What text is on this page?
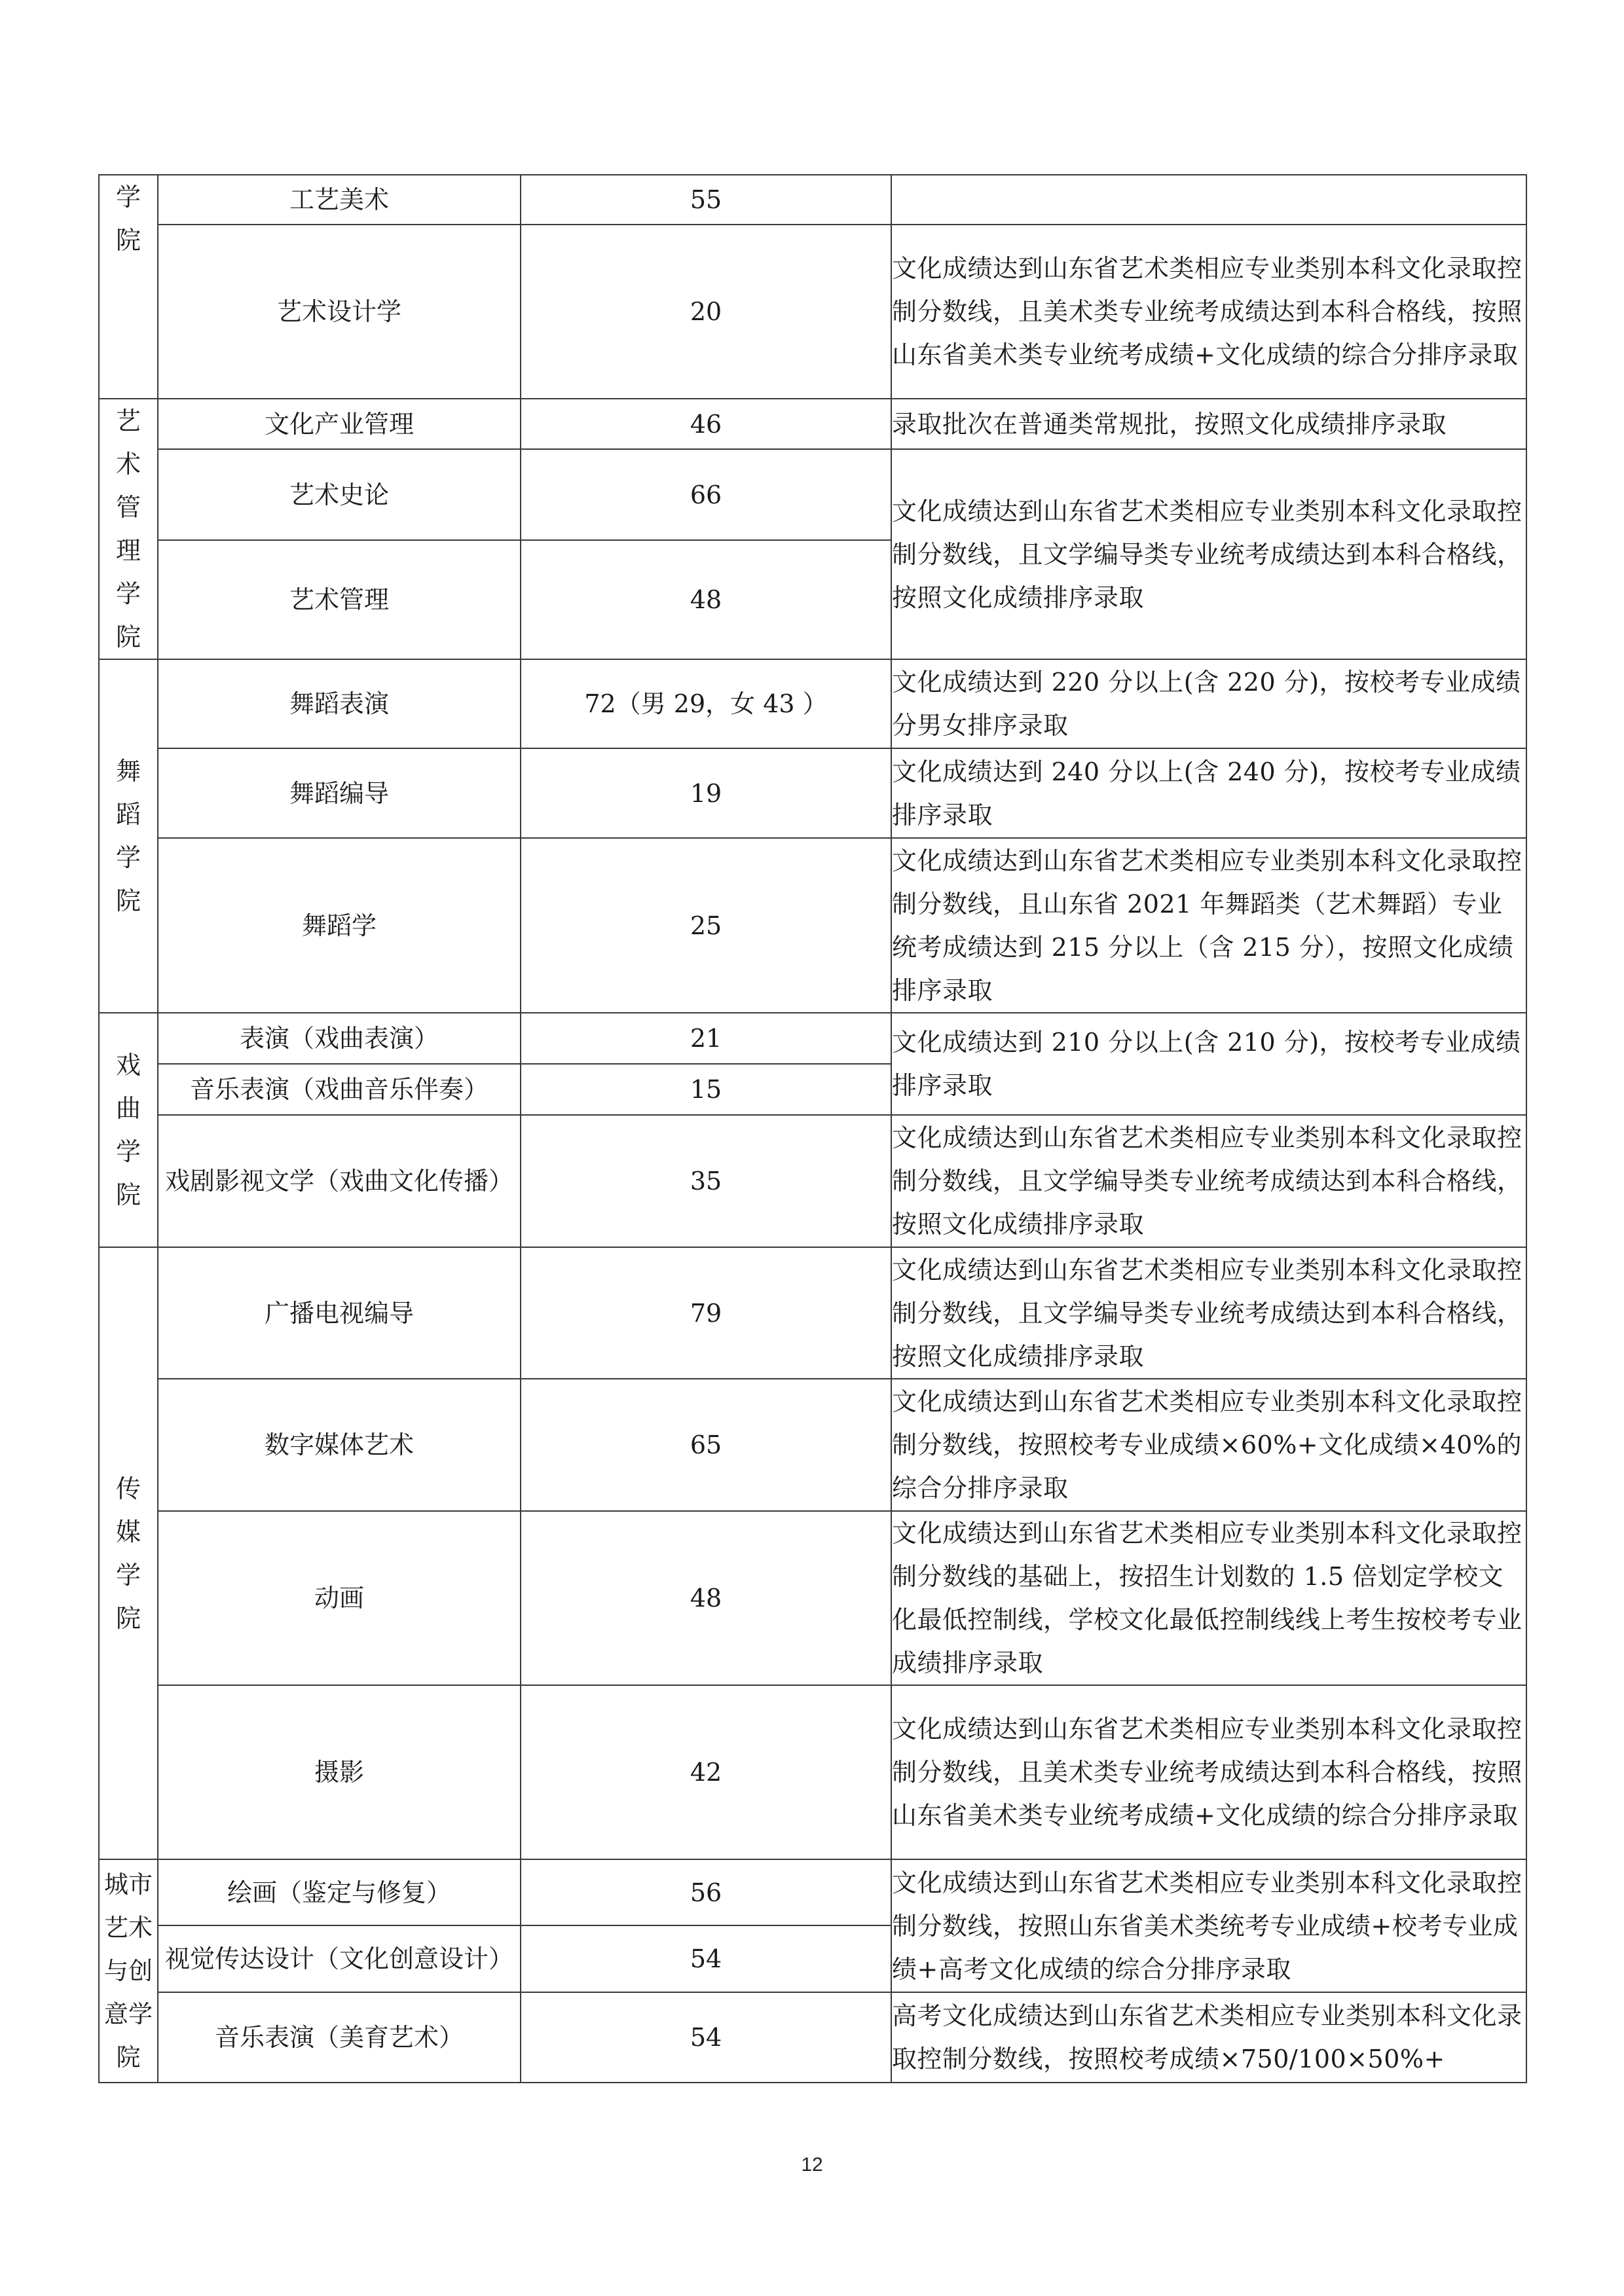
学院	工艺美术	55	
	艺术设计学	20	文化成绩达到山东省艺术类相应专业类别本科文化录取控制分数线，且美术类专业统考成绩达到本科合格线，按照山东省美术类专业统考成绩+文化成绩的综合分排序录取
艺术管理学院	文化产业管理	46	录取批次在普通类常规批，按照文化成绩排序录取
	艺术史论	66	文化成绩达到山东省艺术类相应专业类别本科文化录取控制分数线，且文学编导类专业统考成绩达到本科合格线，按照文化成绩排序录取
	艺术管理	48	
舞蹈学院	舞蹈表演	72（男 29，女 43 ）	文化成绩达到 220 分以上(含 220 分)，按校考专业成绩分男女排序录取
	舞蹈编导	19	文化成绩达到 240 分以上(含 240 分)，按校考专业成绩排序录取
	舞蹈学	25	文化成绩达到山东省艺术类相应专业类别本科文化录取控制分数线，且山东省 2021 年舞蹈类（艺术舞蹈）专业统考成绩达到 215 分以上（含 215 分），按照文化成绩排序录取
戏曲学院	表演（戏曲表演）	21	文化成绩达到 210 分以上(含 210 分)，按校考专业成绩排序录取
	音乐表演（戏曲音乐伴奏）	15	
	戏剧影视文学（戏曲文化传播）	35	文化成绩达到山东省艺术类相应专业类别本科文化录取控制分数线，且文学编导类专业统考成绩达到本科合格线，按照文化成绩排序录取
传媒学院	广播电视编导	79	文化成绩达到山东省艺术类相应专业类别本科文化录取控制分数线，且文学编导类专业统考成绩达到本科合格线，按照文化成绩排序录取
	数字媒体艺术	65	文化成绩达到山东省艺术类相应专业类别本科文化录取控制分数线，按照校考专业成绩×60%+文化成绩×40%的综合分排序录取
	动画	48	文化成绩达到山东省艺术类相应专业类别本科文化录取控制分数线的基础上，按招生计划数的 1.5 倍划定学校文化最低控制线，学校文化最低控制线线上考生按校考专业成绩排序录取
	摄影	42	文化成绩达到山东省艺术类相应专业类别本科文化录取控制分数线，且美术类专业统考成绩达到本科合格线，按照山东省美术类专业统考成绩+文化成绩的综合分排序录取
城市艺术与创意学院	绘画（鉴定与修复）	56	文化成绩达到山东省艺术类相应专业类别本科文化录取控制分数线，按照山东省美术类统考专业成绩+校考专业成绩+高考文化成绩的综合分排序录取
	视觉传达设计（文化创意设计）	54	
	音乐表演（美育艺术）	54	高考文化成绩达到山东省艺术类相应专业类别本科文化录取控制分数线，按照校考成绩×750/100×50%+
12
